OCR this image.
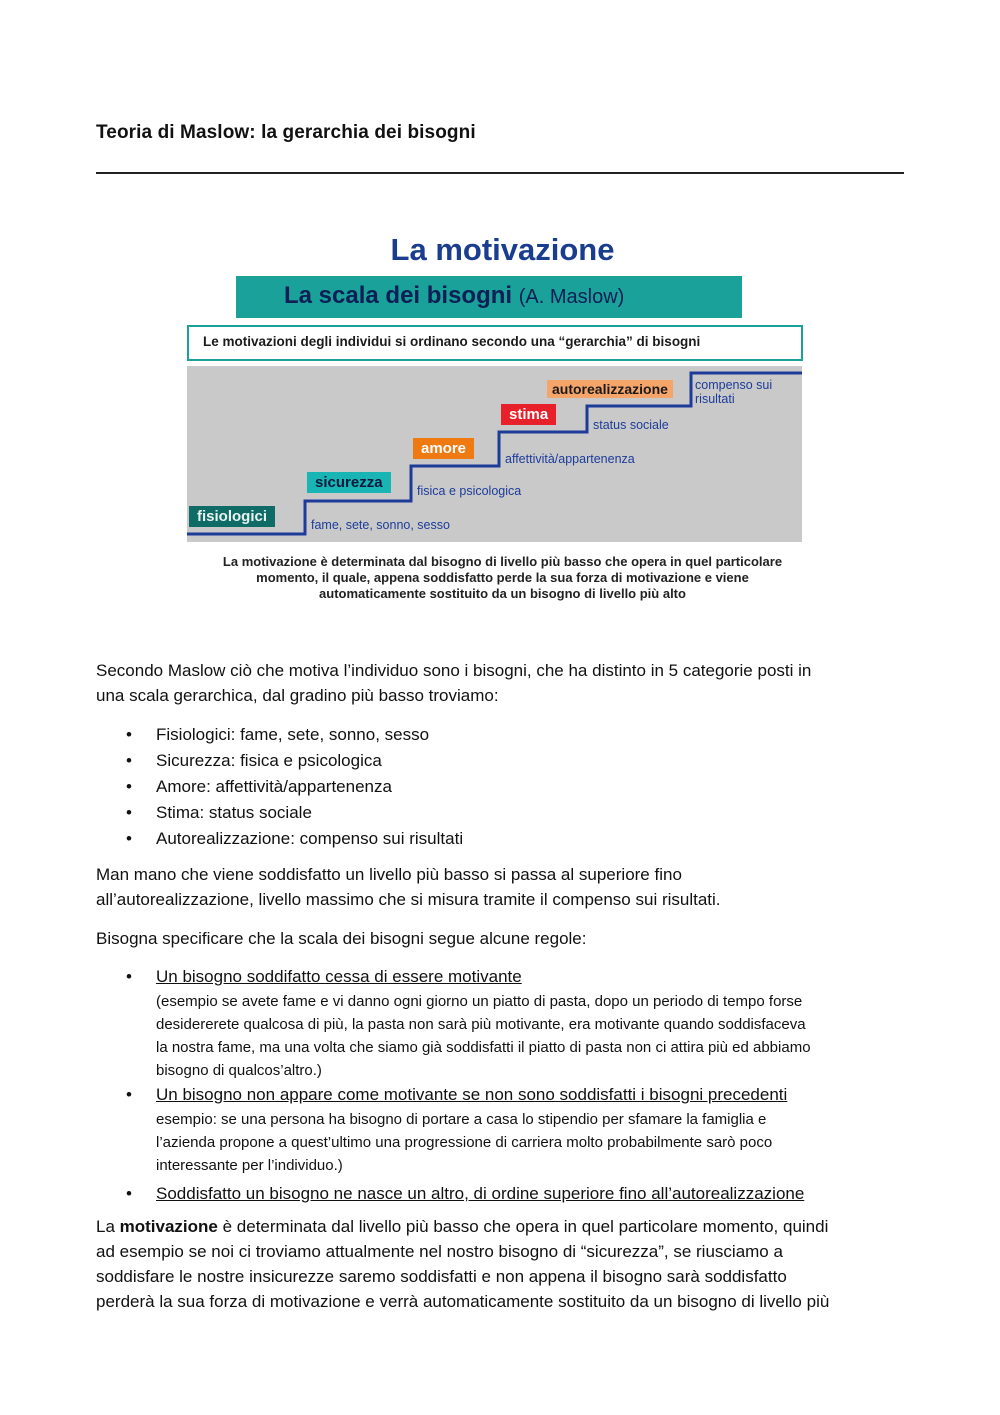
Teoria di Maslow: la gerarchia dei bisogni
La motivazione
La scala dei bisogni (A. Maslow)
Le motivazioni degli individui si ordinano secondo una “gerarchia” di bisogni
fisiologici	fame, sete, sonno, sesso
sicurezza	fisica e psicologica
amore
affettività/appartenenza
stima
status sociale
autorealizzazione	compenso sui
risultati
La motivazione è determinata dal bisogno di livello più basso che opera in quel particolare
momento, il quale, appena soddisfatto perde la sua forza di motivazione e viene
automaticamente sostituito da un bisogno di livello più alto
Secondo Maslow ciò che motiva l’individuo sono i bisogni, che ha distinto in 5 categorie posti in
una scala gerarchica, dal gradino più basso troviamo:
• Fisiologici: fame, sete, sonno, sesso
• Sicurezza: fisica e psicologica
• Amore: affettività/appartenenza
• Stima: status sociale
• Autorealizzazione: compenso sui risultati
Man mano che viene soddisfatto un livello più basso si passa al superiore fino
all’autorealizzazione, livello massimo che si misura tramite il compenso sui risultati.
Bisogna specificare che la scala dei bisogni segue alcune regole:
• Un bisogno soddifatto cessa di essere motivante
(esempio se avete fame e vi danno ogni giorno un piatto di pasta, dopo un periodo di tempo forse
desidererete qualcosa di più, la pasta non sarà più motivante, era motivante quando soddisfaceva
la nostra fame, ma una volta che siamo già soddisfatti il piatto di pasta non ci attira più ed abbiamo
bisogno di qualcos’altro.)
• Un bisogno non appare come motivante se non sono soddisfatti i bisogni precedenti
esempio: se una persona ha bisogno di portare a casa lo stipendio per sfamare la famiglia e
l’azienda propone a quest’ultimo una progressione di carriera molto probabilmente sarò poco
interessante per l’individuo.)
• Soddisfatto un bisogno ne nasce un altro, di ordine superiore fino all’autorealizzazione
La motivazione è determinata dal livello più basso che opera in quel particolare momento, quindi
ad esempio se noi ci troviamo attualmente nel nostro bisogno di “sicurezza”, se riusciamo a
soddisfare le nostre insicurezze saremo soddisfatti e non appena il bisogno sarà soddisfatto
perderà la sua forza di motivazione e verrà automaticamente sostituito da un bisogno di livello più
